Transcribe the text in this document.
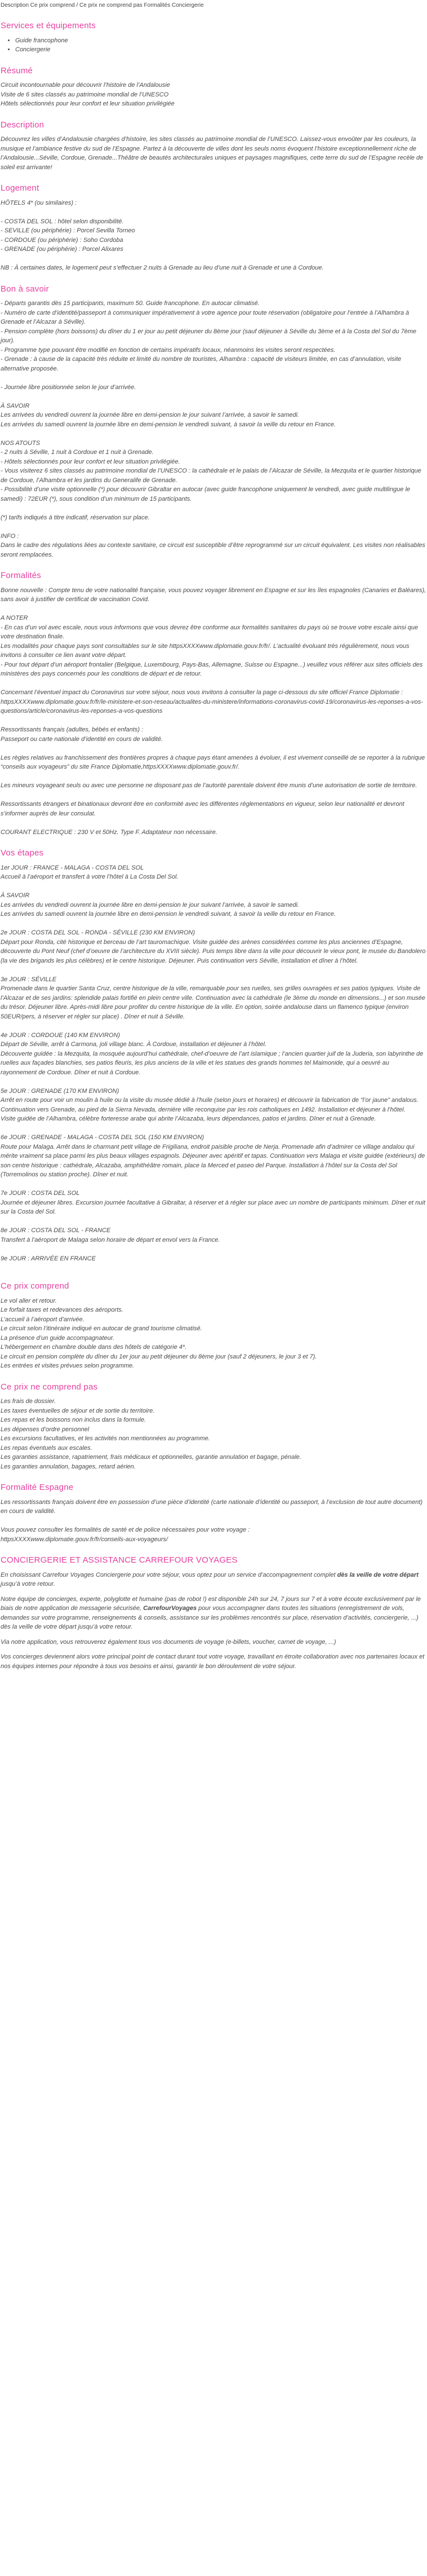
Description Ce prix comprend / Ce prix ne comprend pas Formalités Conciergerie
Services et équipements
• Guide francophone
• Conciergerie
Résumé
Circuit incontournable pour découvrir l’histoire de l’Andalousie
Visite de 6 sites classés au patrimoine mondial de l’UNESCO
Hôtels sélectionnés pour leur confort et leur situation privilégiée
Description

Découvrez les villes d’Andalousie chargées d’histoire, les sites classés au patrimoine mondial de l’UNESCO. Laissez-vous envoûter par les couleurs, la musique et l’ambiance festive du sud de l’Espagne. Partez à la découverte de villes dont les seuls noms évoquent l’histoire exceptionnellement riche de l’Andalousie...Séville, Cordoue, Grenade...Théâtre de beautés architecturales uniques et paysages magnifiques, cette terre du sud de l’Espagne recèle de soleil est arrivante!

Logement
HÔTELS 4* (ou similaires) :

- COSTA DEL SOL : hôtel selon disponibilité.
- SEVILLE (ou périphérie) : Porcel Sevilla Torneo
- CORDOUE (ou périphérie) : Soho Cordoba
- GRENADE (ou périphérie) : Porcel Alixares

NB : À certaines dates, le logement peut s’effectuer 2 nuits à Grenade au lieu d’une nuit à Grenade et une à Cordoue.
Bon à savoir
- Départs garantis dès 15 participants, maximum 50. Guide francophone. En autocar climatisé.
- Numéro de carte d’identité/passeport à communiquer impérativement à votre agence pour toute réservation (obligatoire pour l’entrée à l’Alhambra à Grenade et l’Alcazar à Séville).
- Pension complète (hors boissons) du dîner du 1 er jour au petit déjeuner du 8ème jour (sauf déjeuner à Séville du 3ème et à la Costa del Sol du 7ème jour).
- Programme type pouvant être modifié en fonction de certains impératifs locaux, néanmoins les visites seront respectées.
- Grenade : à cause de la capacité très réduite et limité du nombre de touristes, Alhambra : capacité de visiteurs limitée, en cas d’annulation, visite alternative proposée.

- Journée libre positionnée selon le jour d’arrivée.

À SAVOIR
Les arrivées du vendredi ouvrent la journée libre en demi-pension le jour suivant l’arrivée, à savoir le samedi.
Les arrivées du samedi ouvrent la journée libre en demi-pension le vendredi suivant, à savoir la veille du retour en France.

NOS ATOUTS
- 2 nuits à Séville, 1 nuit à Cordoue et 1 nuit à Grenade.
- Hôtels sélectionnés pour leur confort et leur situation privilégiée.
- Vous visiterez 6 sites classés au patrimoine mondial de l’UNESCO : la cathédrale et le palais de l’Alcazar de Séville, la Mezquita et le quartier historique de Cordoue, l’Alhambra et les jardins du Generalife de Grenade.
- Possibilité d’une visite optionnelle (*) pour découvrir Gibraltar en autocar (avec guide francophone uniquement le vendredi, avec guide multilingue le samedi) : 72EUR (*), sous condition d’un minimum de 15 participants.

(*) tarifs indiqués à titre indicatif, réservation sur place.

INFO :
Dans le cadre des régulations liées au contexte sanitaire, ce circuit est susceptible d’être reprogrammé sur un circuit équivalent. Les visites non réalisables seront remplacées.
Formalités
Bonne nouvelle : Compte tenu de votre nationalité française, vous pouvez voyager librement en Espagne et sur les îles espagnoles (Canaries et Baléares), sans avoir à justifier de certificat de vaccination Covid.

A NOTER
- En cas d’un vol avec escale, nous vous informons que vous devrez être conforme aux formalités sanitaires du pays où se trouve votre escale ainsi que votre destination finale.
Les modalités pour chaque pays sont consultables sur le site httpsXXXXwww.diplomatie.gouv.fr/fr/. L’actualité évoluant très régulièrement, nous vous invitons à consulter ce lien avant votre départ.
- Pour tout départ d’un aéroport frontalier (Belgique, Luxembourg, Pays-Bas, Allemagne, Suisse ou Espagne...) veuillez vous référer aux sites officiels des ministères des pays concernés pour les conditions de départ et de retour.

Concernant l’éventuel impact du Coronavirus sur votre séjour, nous vous invitons à consulter la page ci-dessous du site officiel France Diplomatie :
httpsXXXXwww.diplomatie.gouv.fr/fr/le-ministere-et-son-reseau/actualites-du-ministere/informations-coronavirus-covid-19/coronavirus-les-reponses-a-vos-questions/article/coronavirus-les-reponses-a-vos-questions

Ressortissants français (adultes, bébés et enfants) :
Passeport ou carte nationale d’identité en cours de validité.

Les règles relatives au franchissement des frontières propres à chaque pays étant amenées à évoluer, il est vivement conseillé de se reporter à la rubrique “conseils aux voyageurs” du site France Diplomatie,httpsXXXXwww.diplomatie.gouv.fr/.

Les mineurs voyageant seuls ou avec une personne ne disposant pas de l’autorité parentale doivent être munis d’une autorisation de sortie de territoire.

Ressortissants étrangers et binationaux devront être en conformité avec les différentes réglementations en vigueur, selon leur nationalité et devront s’informer auprès de leur consulat.

COURANT ELECTRIQUE : 230 V et 50Hz. Type F. Adaptateur non nécessaire.
Vos étapes
1er JOUR : FRANCE - MALAGA - COSTA DEL SOL
Accueil à l’aéroport et transfert à votre l’hôtel à La Costa Del Sol.

À SAVOIR
Les arrivées du vendredi ouvrent la journée libre en demi-pension le jour suivant l’arrivée, à savoir le samedi.
Les arrivées du samedi ouvrent la journée libre en demi-pension le vendredi suivant, à savoir la veille du retour en France.

2e JOUR : COSTA DEL SOL - RONDA - SÉVILLE (230 KM ENVIRON)
Départ pour Ronda, cité historique et berceau de l’art tauromachique. Visite guidée des arènes considérées comme les plus anciennes d’Espagne, découverte du Pont Neuf (chef d’oeuvre de l’architecture du XVIII siècle). Puis temps libre dans la ville pour découvrir le vieux pont, le musée du Bandolero (la vie des brigands les plus célèbres) et le centre historique. Déjeuner. Puis continuation vers Séville, installation et dîner à l’hôtel.

3e JOUR : SÉVILLE
Promenade dans le quartier Santa Cruz, centre historique de la ville, remarquable pour ses ruelles, ses grilles ouvragées et ses patios typiques. Visite de l’Alcazar et de ses jardins: splendide palais fortifié en plein centre ville. Continuation avec la cathédrale (le 3ème du monde en dimensions...) et son musée du trésor. Déjeuner libre. Après-midi libre pour profiter du centre historique de la ville. En option, soirée andalouse dans un flamenco typique (environ 50EUR/pers, à réserver et régler sur place) . Dîner et nuit à Séville.

4e JOUR : CORDOUE (140 KM ENVIRON)
Départ de Séville, arrêt à Carmona, joli village blanc. À Cordoue, installation et déjeuner à l’hôtel.
Découverte guidée : la Mezquita, la mosquée aujourd’hui cathédrale, chef-d’oeuvre de l’art islamique ; l’ancien quartier juif de la Juderia, son labyrinthe de ruelles aux façades blanchies, ses patios fleuris, les plus anciens de la ville et les statues des grands hommes tel Maimonide, qui a oeuvré au rayonnement de Cordoue. Dîner et nuit à Cordoue.

5e JOUR : GRENADE (170 KM ENVIRON)
Arrêt en route pour voir un moulin à huile ou la visite du musée dédié à l’huile (selon jours et horaires) et découvrir la fabrication de “l’or jaune” andalous.
Continuation vers Grenade, au pied de la Sierra Nevada, dernière ville reconquise par les rois catholiques en 1492. Installation et déjeuner à l’hôtel.
Visite guidée de l’Alhambra, célèbre forteresse arabe qui abrite l’Alcazaba, leurs dépendances, patios et jardins. Dîner et nuit à Grenade.

6e JOUR : GRENADE - MALAGA - COSTA DEL SOL (150 KM ENVIRON)
Route pour Malaga. Arrêt dans le charmant petit village de Frigiliana, endroit paisible proche de Nerja. Promenade afin d’admirer ce village andalou qui mérite vraiment sa place parmi les plus beaux villages espagnols. Déjeuner avec apéritif et tapas. Continuation vers Malaga et visite guidée (extérieurs) de son centre historique : cathédrale, Alcazaba, amphithéâtre romain, place la Merced et paseo del Parque. Installation à l’hôtel sur la Costa del Sol (Torremolinos ou station proche). Dîner et nuit.

7e JOUR : COSTA DEL SOL
Journée et déjeuner libres. Excursion journée facultative à Gibraltar, à réserver et à régler sur place avec un nombre de participants minimum. Dîner et nuit sur la Costa del Sol.

8e JOUR : COSTA DEL SOL - FRANCE
Transfert à l’aéroport de Malaga selon horaire de départ et envol vers la France.

9e JOUR : ARRIVÉE EN FRANCE
Ce prix comprend
Le vol aller et retour.
Le forfait taxes et redevances des aéroports.
L’accueil à l’aéroport d’arrivée.
Le circuit selon l’itinéraire indiqué en autocar de grand tourisme climatisé.
La présence d’un guide accompagnateur.
L’hébergement en chambre double dans des hôtels de catégorie 4*.
Le circuit en pension complète du dîner du 1er jour au petit déjeuner du 8ème jour (sauf 2 déjeuners, le jour 3 et 7).
Les entrées et visites prévues selon programme.
Ce prix ne comprend pas
Les frais de dossier.
Les taxes éventuelles de séjour et de sortie du territoire.
Les repas et les boissons non inclus dans la formule.
Les dépenses d’ordre personnel
Les excursions facultatives, et les activités non mentionnées au programme.
Les repas éventuels aux escales.
Les garanties assistance, rapatriement, frais médicaux et optionnelles, garantie annulation et bagage, pénale.
Les garanties annulation, bagages, retard aérien.
Formalité Espagne
Les ressortissants français doivent être en possession d’une pièce d’identité (carte nationale d’identité ou passeport, à l’exclusion de tout autre document) en cours de validité.

Vous pouvez consulter les formalités de santé et de police nécessaires pour votre voyage :
httpsXXXXwww.diplomatie.gouv.fr/fr/conseils-aux-voyageurs/
CONCIERGERIE ET ASSISTANCE CARREFOUR VOYAGES

En choisissant Carrefour Voyages Conciergerie pour votre séjour, vous optez pour un service d’accompagnement complet dès la veille de votre départ jusqu’à votre retour.

Notre équipe de concierges, experte, polyglotte et humaine (pas de robot !) est disponible 24h sur 24, 7 jours sur 7 et à votre écoute exclusivement par le biais de notre application de messagerie sécurisée, CarrefourVoyages pour vous accompagner dans toutes les situations (enregistrement de vols, demandes sur votre programme, renseignements & conseils, assistance sur les problèmes rencontrés sur place, réservation d’activités, conciergerie, ...) dès la veille de votre départ jusqu’à votre retour.

Via notre application, vous retrouverez également tous vos documents de voyage (e-billets, voucher, carnet de voyage, ...)

Vos concierges deviennent alors votre principal point de contact durant tout votre voyage, travaillant en étroite collaboration avec nos partenaires locaux et nos équipes internes pour répondre à tous vos besoins et ainsi, garantir le bon déroulement de votre séjour.
